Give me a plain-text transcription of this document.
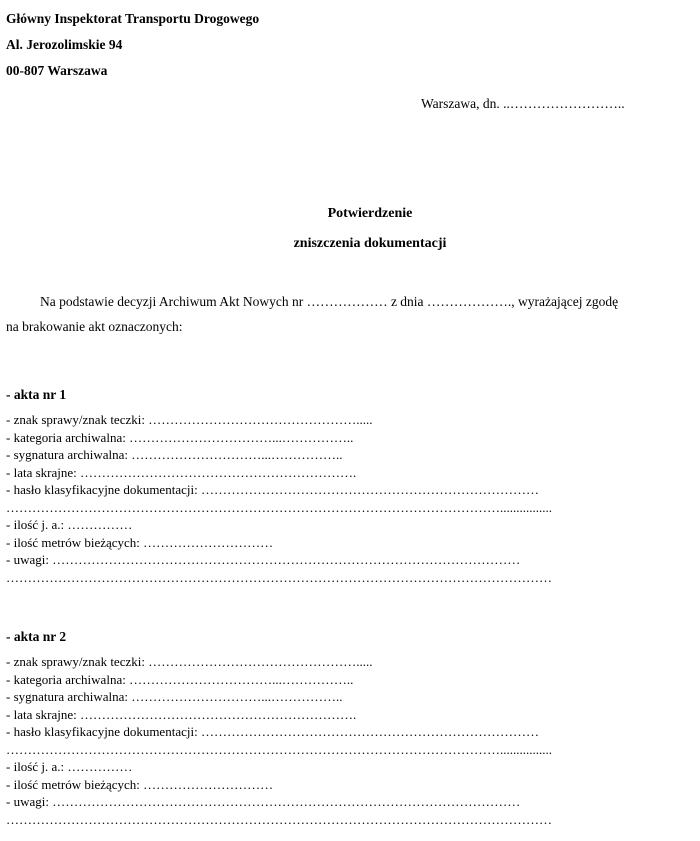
Główny Inspektorat Transportu Drogowego
Al. Jerozolimskie 94
00-807 Warszawa
Warszawa, dn. ..……………………..
Potwierdzenie
zniszczenia dokumentacji
Na podstawie decyzji Archiwum Akt Nowych nr ……………… z dnia ………………., wyrażającej zgodę
na brakowanie akt oznaczonych:
- akta nr 1
- znak sprawy/znak teczki: ………………………………………….....
- kategoria archiwalna: ……………………………...……………..
- sygnatura archiwalna: …………………………...……………..
- lata skrajne: ……………………………………………………….
- hasło klasyfikacyjne dokumentacji: ……………………………………………………………………
……………………………………………………………………………………………………................
- ilość j. a.: ……………
- ilość metrów bieżących: …………………………
- uwagi: ………………………………………………………………………………………………
………………………………………………………………………………………………………………
- akta nr 2
- znak sprawy/znak teczki: ………………………………………….....
- kategoria archiwalna: ……………………………...……………..
- sygnatura archiwalna: …………………………...……………..
- lata skrajne: ……………………………………………………….
- hasło klasyfikacyjne dokumentacji: ……………………………………………………………………
……………………………………………………………………………………………………................
- ilość j. a.: ……………
- ilość metrów bieżących: …………………………
- uwagi: ………………………………………………………………………………………………
………………………………………………………………………………………………………………
